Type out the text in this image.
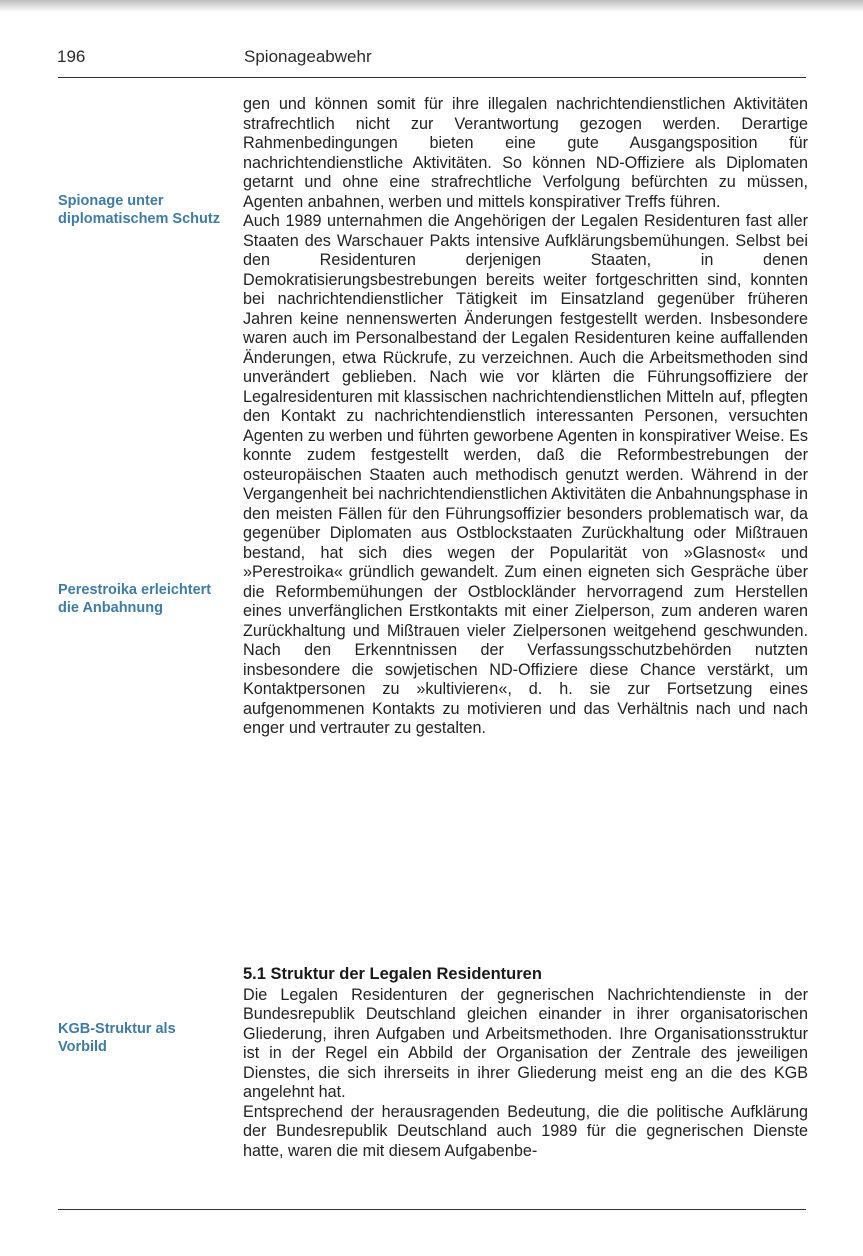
196	Spionageabwehr
Spionage unter diplomatischem Schutz
Perestroika erleichtert die Anbahnung
KGB-Struktur als Vorbild

gen und können somit für ihre illegalen nachrichtendienstlichen Aktivitäten strafrechtlich nicht zur Verantwortung gezogen werden. Derartige Rahmenbedingungen bieten eine gute Ausgangsposition für nachrichtendienstliche Aktivitäten. So können ND-Offiziere als Diplomaten getarnt und ohne eine strafrechtliche Verfolgung befürchten zu müssen, Agenten anbahnen, werben und mittels konspirativer Treffs führen.

Auch 1989 unternahmen die Angehörigen der Legalen Residenturen fast aller Staaten des Warschauer Pakts intensive Aufklärungsbemühungen. Selbst bei den Residenturen derjenigen Staaten, in denen Demokratisierungsbestrebungen bereits weiter fortgeschritten sind, konnten bei nachrichtendienstlicher Tätigkeit im Einsatzland gegenüber früheren Jahren keine nennenswerten Änderungen festgestellt werden. Insbesondere waren auch im Personalbestand der Legalen Residenturen keine auffallenden Änderungen, etwa Rückrufe, zu verzeichnen. Auch die Arbeitsmethoden sind unverändert geblieben. Nach wie vor klärten die Führungsoffiziere der Legalresidenturen mit klassischen nachrichtendienstlichen Mitteln auf, pflegten den Kontakt zu nachrichtendienstlich interessanten Personen, versuchten Agenten zu werben und führten geworbene Agenten in konspirativer Weise. Es konnte zudem festgestellt werden, daß die Reformbestrebungen der osteuropäischen Staaten auch methodisch genutzt werden. Während in der Vergangenheit bei nachrichtendienstlichen Aktivitäten die Anbahnungsphase in den meisten Fällen für den Führungsoffizier besonders problematisch war, da gegenüber Diplomaten aus Ostblockstaaten Zurückhaltung oder Mißtrauen bestand, hat sich dies wegen der Popularität von »Glasnost« und »Perestroika« gründlich gewandelt. Zum einen eigneten sich Gespräche über die Reformbemühungen der Ostblockländer hervorragend zum Herstellen eines unverfänglichen Erstkontakts mit einer Zielperson, zum anderen waren Zurückhaltung und Mißtrauen vieler Zielpersonen weitgehend geschwunden. Nach den Erkenntnissen der Verfassungsschutzbehörden nutzten insbesondere die sowjetischen ND-Offiziere diese Chance verstärkt, um Kontaktpersonen zu »kultivieren«, d. h. sie zur Fortsetzung eines aufgenommenen Kontakts zu motivieren und das Verhältnis nach und nach enger und vertrauter zu gestalten.

5.1 Struktur der Legalen Residenturen

Die Legalen Residenturen der gegnerischen Nachrichtendienste in der Bundesrepublik Deutschland gleichen einander in ihrer organisatorischen Gliederung, ihren Aufgaben und Arbeitsmethoden. Ihre Organisationsstruktur ist in der Regel ein Abbild der Organisation der Zentrale des jeweiligen Dienstes, die sich ihrerseits in ihrer Gliederung meist eng an die des KGB angelehnt hat.

Entsprechend der herausragenden Bedeutung, die die politische Aufklärung der Bundesrepublik Deutschland auch 1989 für die gegnerischen Dienste hatte, waren die mit diesem Aufgabenbe-
